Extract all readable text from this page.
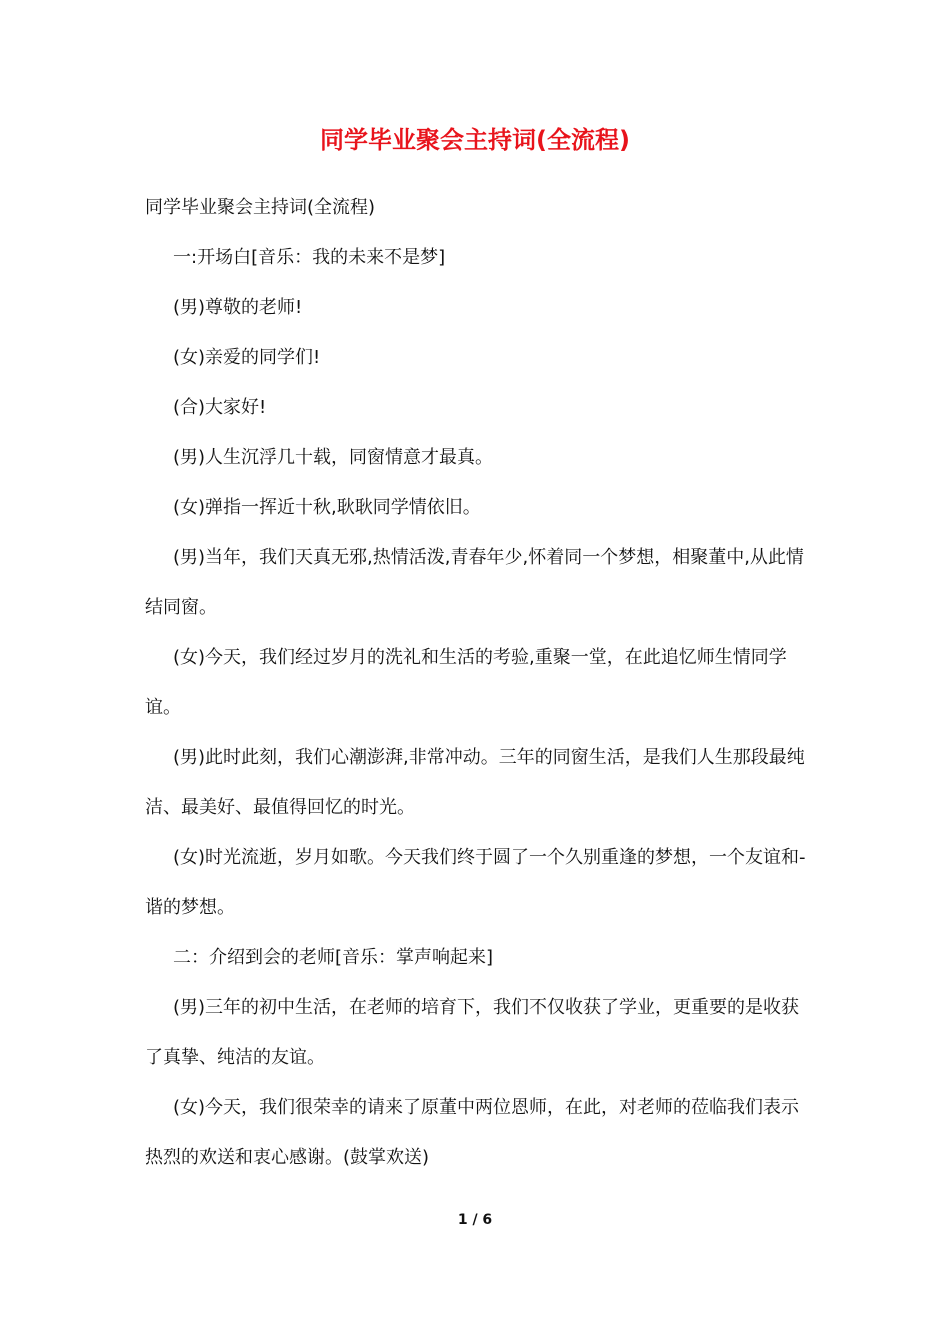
同学毕业聚会主持词(全流程)

同学毕业聚会主持词(全流程)

一:开场白[音乐：我的未来不是梦]

(男)尊敬的老师!

(女)亲爱的同学们!

(合)大家好!

(男)人生沉浮几十载，同窗情意才最真。

(女)弹指一挥近十秋,耿耿同学情依旧。

(男)当年，我们天真无邪,热情活泼,青春年少,怀着同一个梦想，相聚董中,从此情结同窗。

(女)今天，我们经过岁月的洗礼和生活的考验,重聚一堂，在此追忆师生情同学谊。

(男)此时此刻，我们心潮澎湃,非常冲动。三年的同窗生活，是我们人生那段最纯洁、最美好、最值得回忆的时光。

(女)时光流逝，岁月如歌。今天我们终于圆了一个久别重逢的梦想，一个友谊和-谐的梦想。

二：介绍到会的老师[音乐：掌声响起来]

(男)三年的初中生活，在老师的培育下，我们不仅收获了学业，更重要的是收获了真挚、纯洁的友谊。

(女)今天，我们很荣幸的请来了原董中两位恩师，在此，对老师的莅临我们表示热烈的欢送和衷心感谢。(鼓掌欢送)

1 / 6
